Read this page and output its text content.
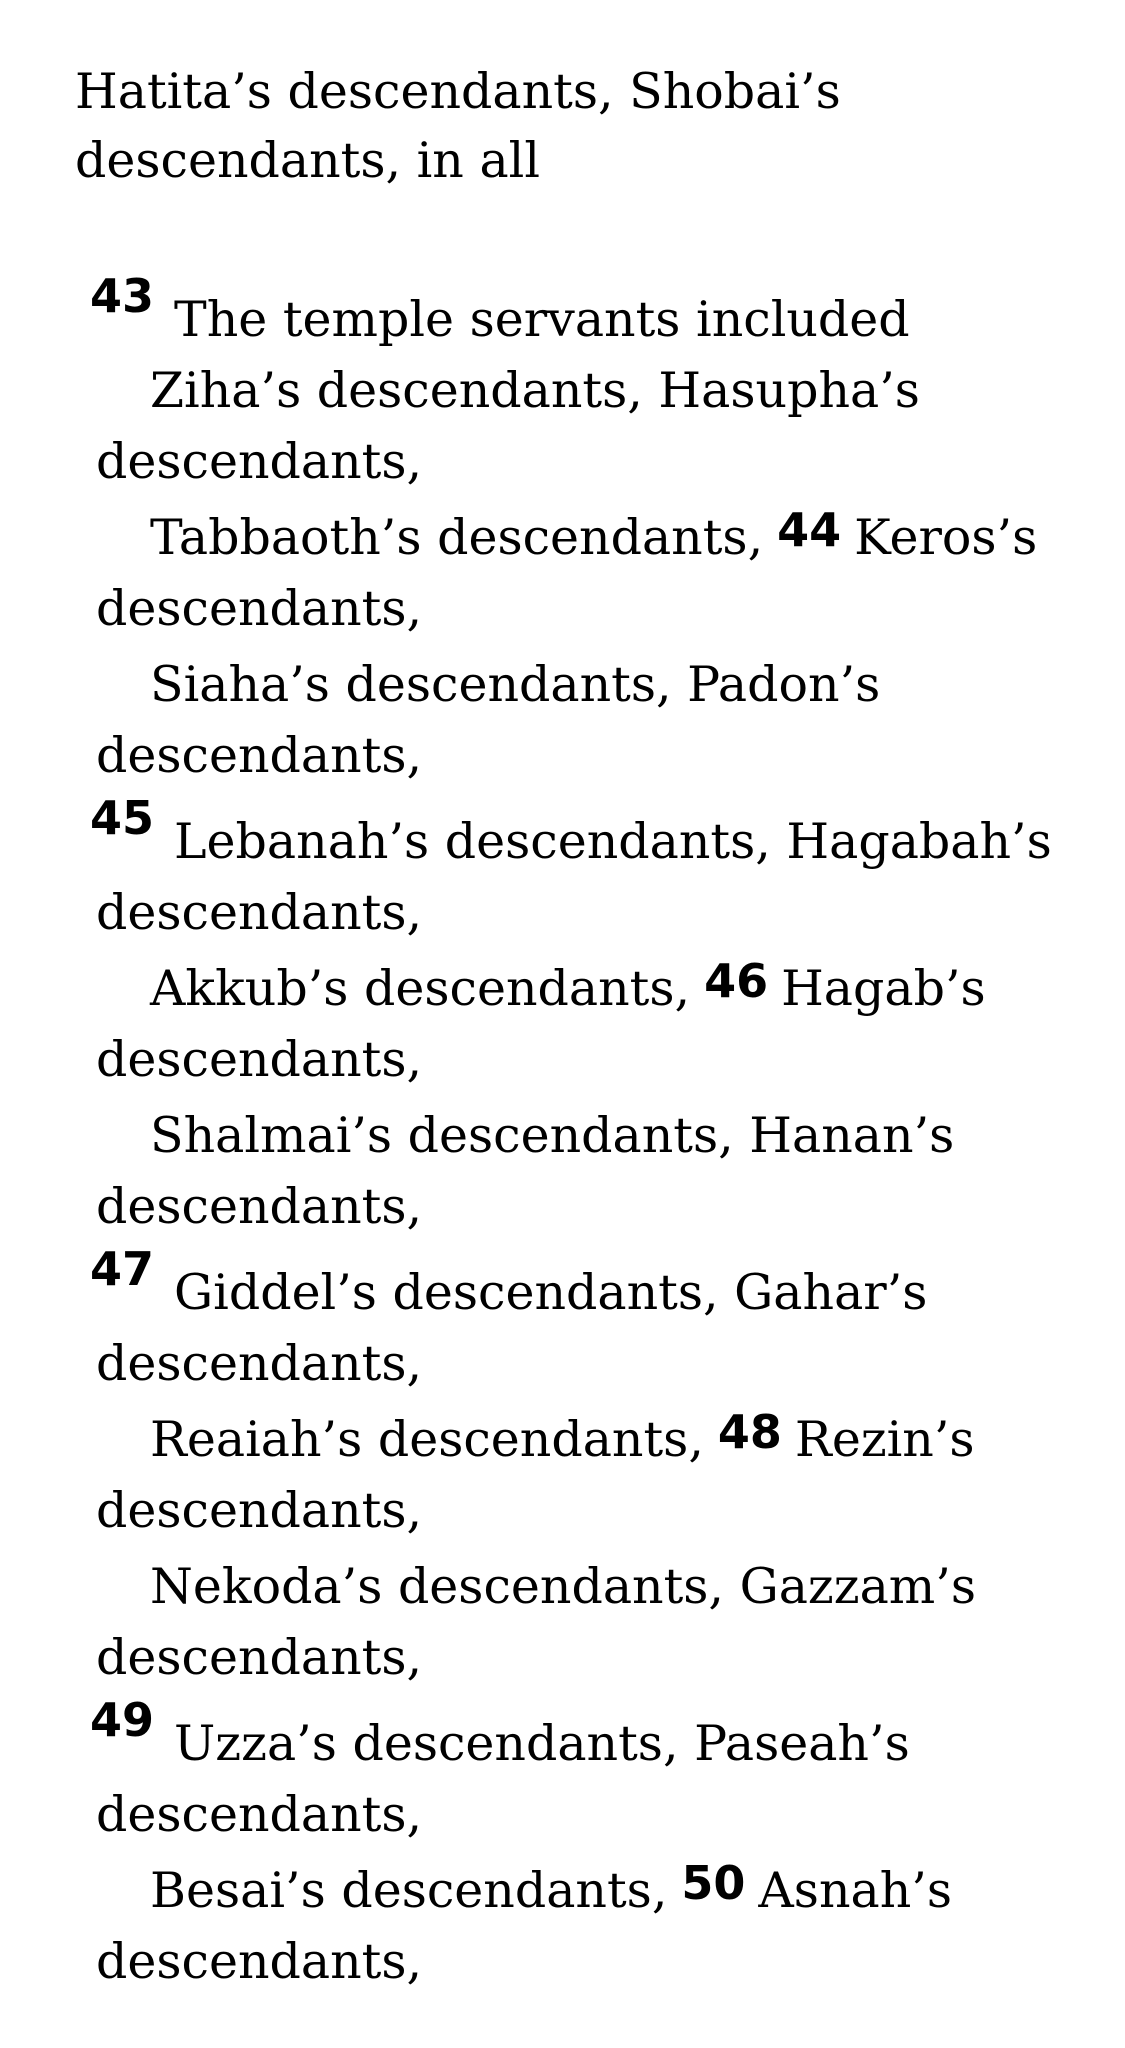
Hatita’s descendants, Shobai’s
descendants, in all
43 The temple servants included
Ziha’s descendants, Hasupha’s
descendants,
Tabbaoth’s descendants, 44 Keros’s
descendants,
Siaha’s descendants, Padon’s
descendants,
45 Lebanah’s descendants, Hagabah’s
descendants,
Akkub’s descendants, 46 Hagab’s
descendants,
Shalmai’s descendants, Hanan’s
descendants,
47 Giddel’s descendants, Gahar’s
descendants,
Reaiah’s descendants, 48 Rezin’s
descendants,
Nekoda’s descendants, Gazzam’s
descendants,
49 Uzza’s descendants, Paseah’s
descendants,
Besai’s descendants, 50 Asnah’s
descendants,
